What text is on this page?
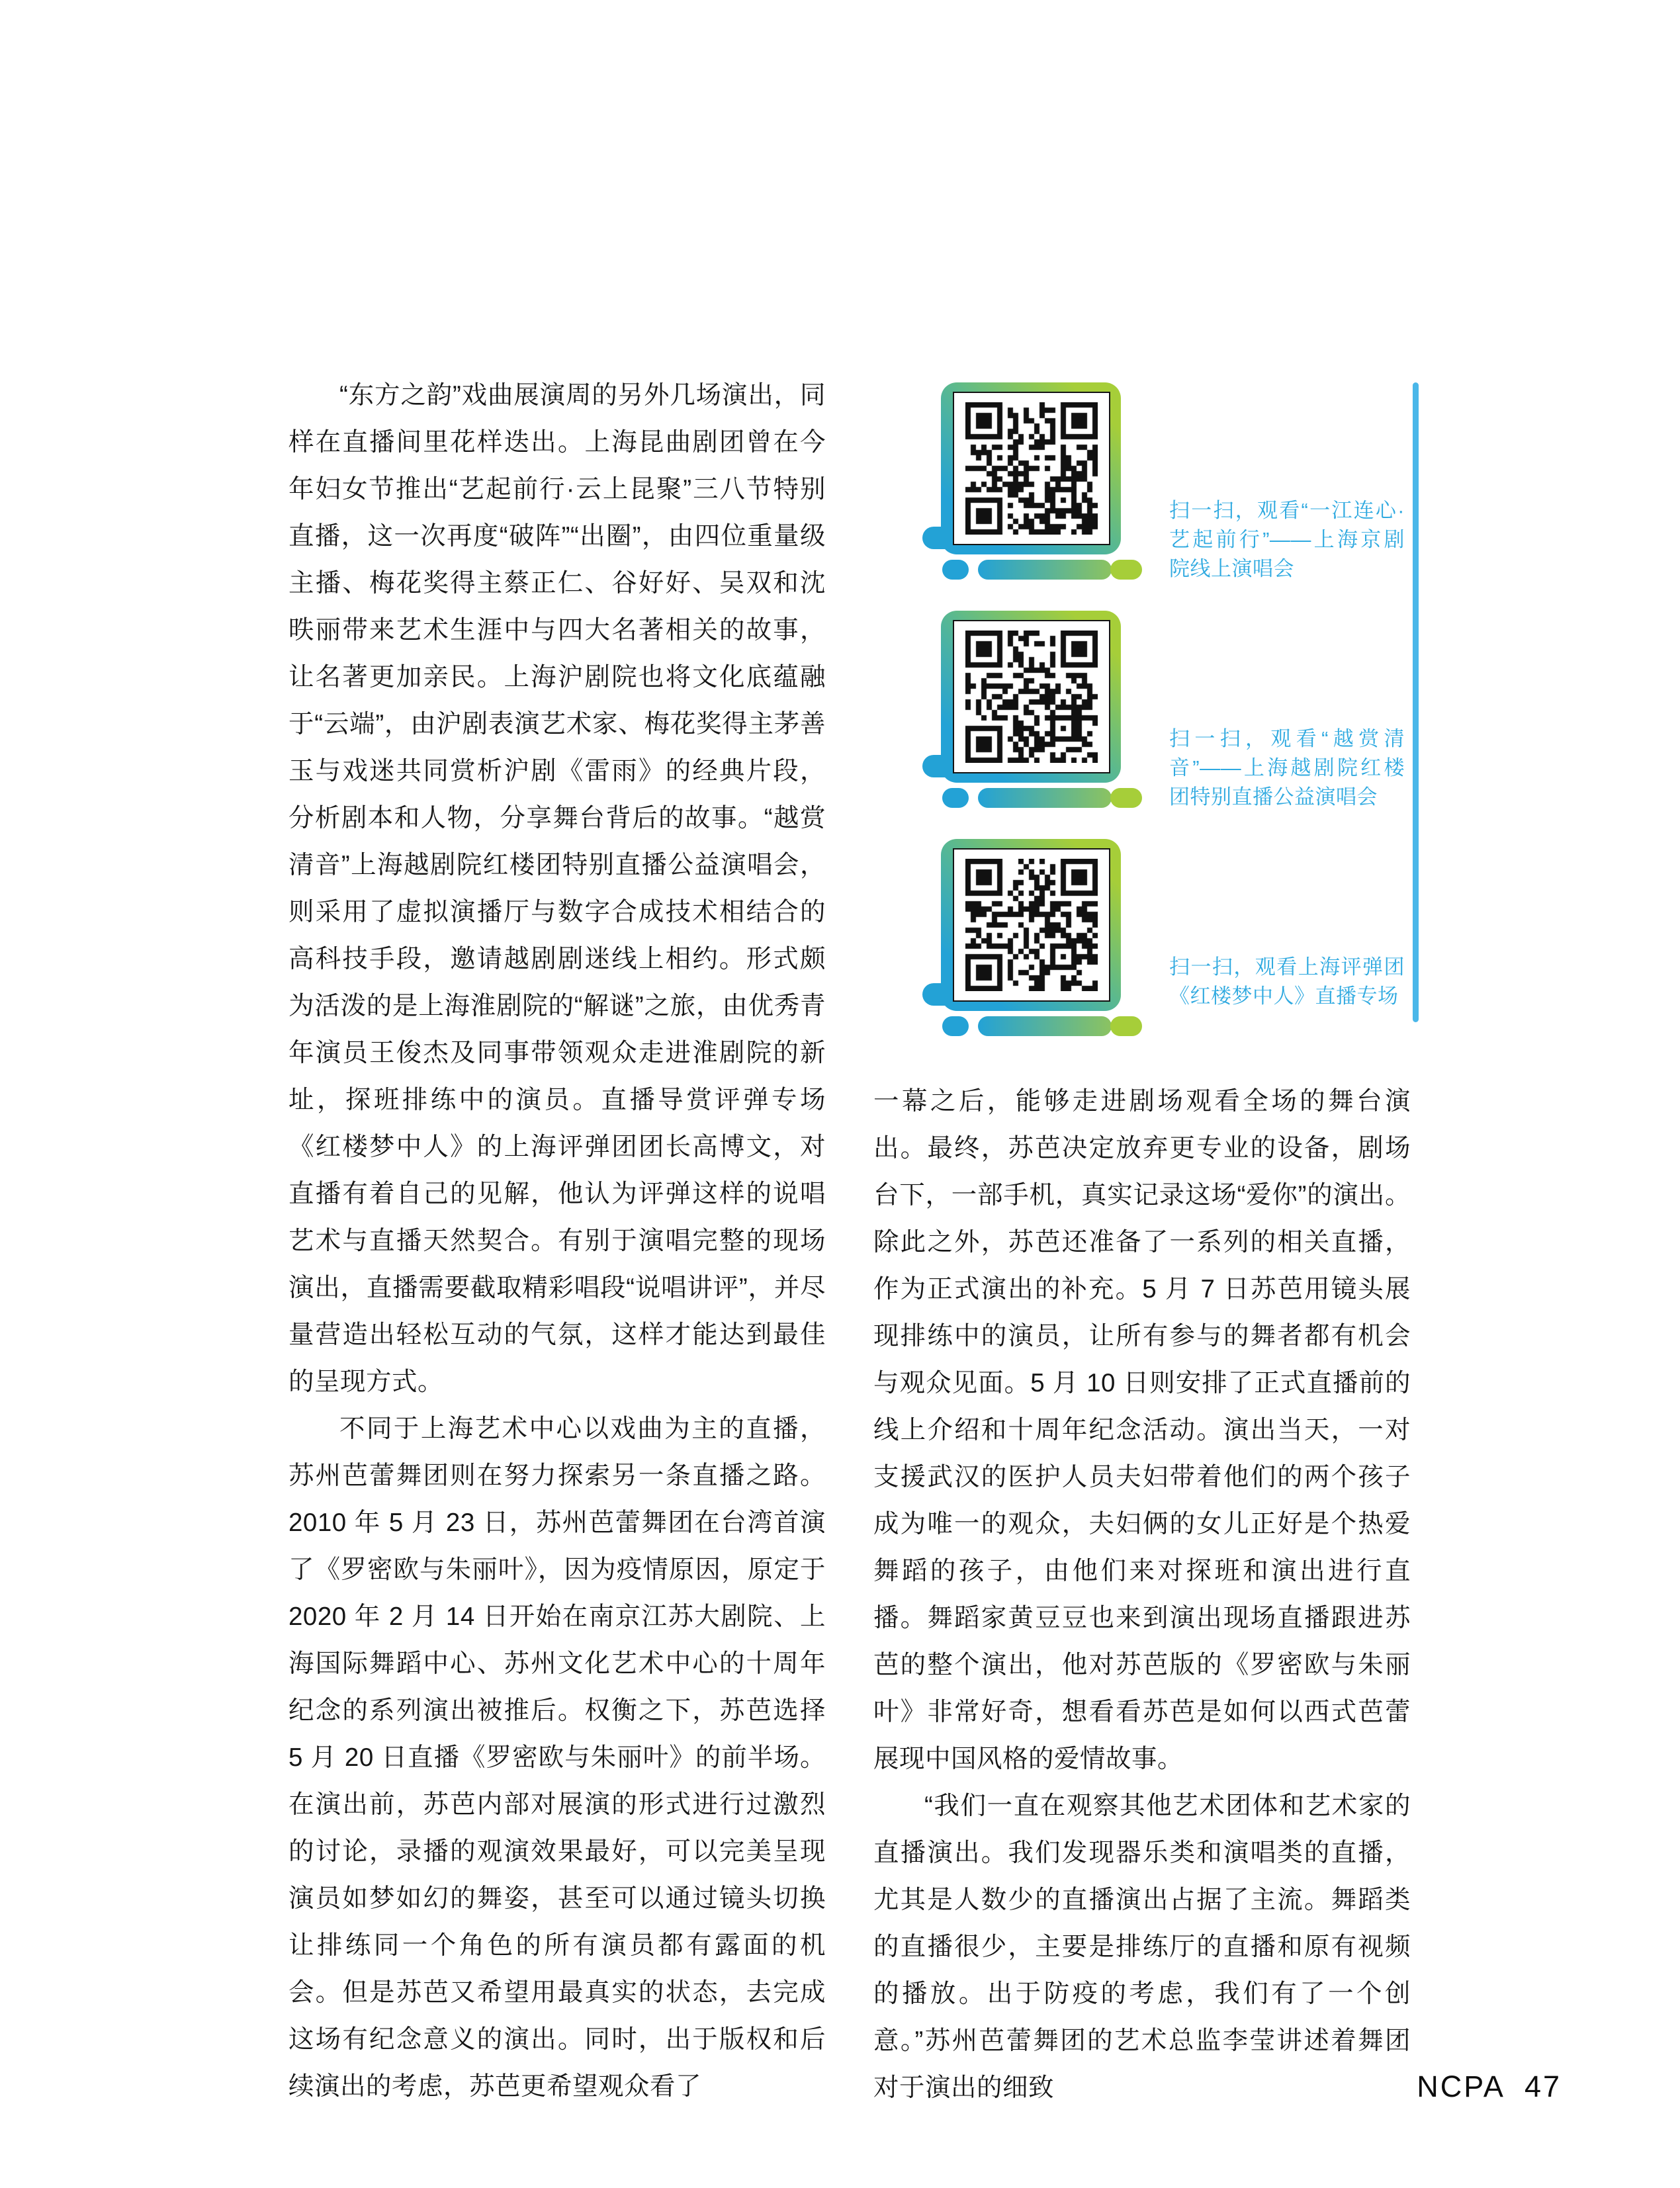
“东方之韵”戏曲展演周的另外几场演出，同样在直播间里花样迭出。上海昆曲剧团曾在今年妇女节推出“艺起前行·云上昆聚”三八节特别直播，这一次再度“破阵”“出圈”，由四位重量级主播、梅花奖得主蔡正仁、谷好好、吴双和沈昳丽带来艺术生涯中与四大名著相关的故事，让名著更加亲民。上海沪剧院也将文化底蕴融于“云端”，由沪剧表演艺术家、梅花奖得主茅善玉与戏迷共同赏析沪剧《雷雨》的经典片段，分析剧本和人物，分享舞台背后的故事。“越赏清音”上海越剧院红楼团特别直播公益演唱会，则采用了虚拟演播厅与数字合成技术相结合的高科技手段，邀请越剧剧迷线上相约。形式颇为活泼的是上海淮剧院的“解谜”之旅，由优秀青年演员王俊杰及同事带领观众走进淮剧院的新址，探班排练中的演员。直播导赏评弹专场《红楼梦中人》的上海评弹团团长高博文，对直播有着自己的见解，他认为评弹这样的说唱艺术与直播天然契合。有别于演唱完整的现场演出，直播需要截取精彩唱段“说唱讲评”，并尽量营造出轻松互动的气氛，这样才能达到最佳的呈现方式。

不同于上海艺术中心以戏曲为主的直播，苏州芭蕾舞团则在努力探索另一条直播之路。2010 年 5 月 23 日，苏州芭蕾舞团在台湾首演了《罗密欧与朱丽叶》，因为疫情原因，原定于 2020 年 2 月 14 日开始在南京江苏大剧院、上海国际舞蹈中心、苏州文化艺术中心的十周年纪念的系列演出被推后。权衡之下，苏芭选择 5 月 20 日直播《罗密欧与朱丽叶》的前半场。在演出前，苏芭内部对展演的形式进行过激烈的讨论，录播的观演效果最好，可以完美呈现演员如梦如幻的舞姿，甚至可以通过镜头切换让排练同一个角色的所有演员都有露面的机会。但是苏芭又希望用最真实的状态，去完成这场有纪念意义的演出。同时，出于版权和后续演出的考虑，苏芭更希望观众看了

扫一扫，观看“一江连心·艺起前行”——上海京剧院线上演唱会

扫一扫，观看“越赏清音”——上海越剧院红楼团特别直播公益演唱会

扫一扫，观看上海评弹团《红楼梦中人》直播专场

一幕之后，能够走进剧场观看全场的舞台演出。最终，苏芭决定放弃更专业的设备，剧场台下，一部手机，真实记录这场“爱你”的演出。除此之外，苏芭还准备了一系列的相关直播，作为正式演出的补充。5 月 7 日苏芭用镜头展现排练中的演员，让所有参与的舞者都有机会与观众见面。5 月 10 日则安排了正式直播前的线上介绍和十周年纪念活动。演出当天，一对支援武汉的医护人员夫妇带着他们的两个孩子成为唯一的观众，夫妇俩的女儿正好是个热爱舞蹈的孩子，由他们来对探班和演出进行直播。舞蹈家黄豆豆也来到演出现场直播跟进苏芭的整个演出，他对苏芭版的《罗密欧与朱丽叶》非常好奇，想看看苏芭是如何以西式芭蕾展现中国风格的爱情故事。

“我们一直在观察其他艺术团体和艺术家的直播演出。我们发现器乐类和演唱类的直播，尤其是人数少的直播演出占据了主流。舞蹈类的直播很少，主要是排练厅的直播和原有视频的播放。出于防疫的考虑，我们有了一个创意。”苏州芭蕾舞团的艺术总监李莹讲述着舞团对于演出的细致	NCPA 47
